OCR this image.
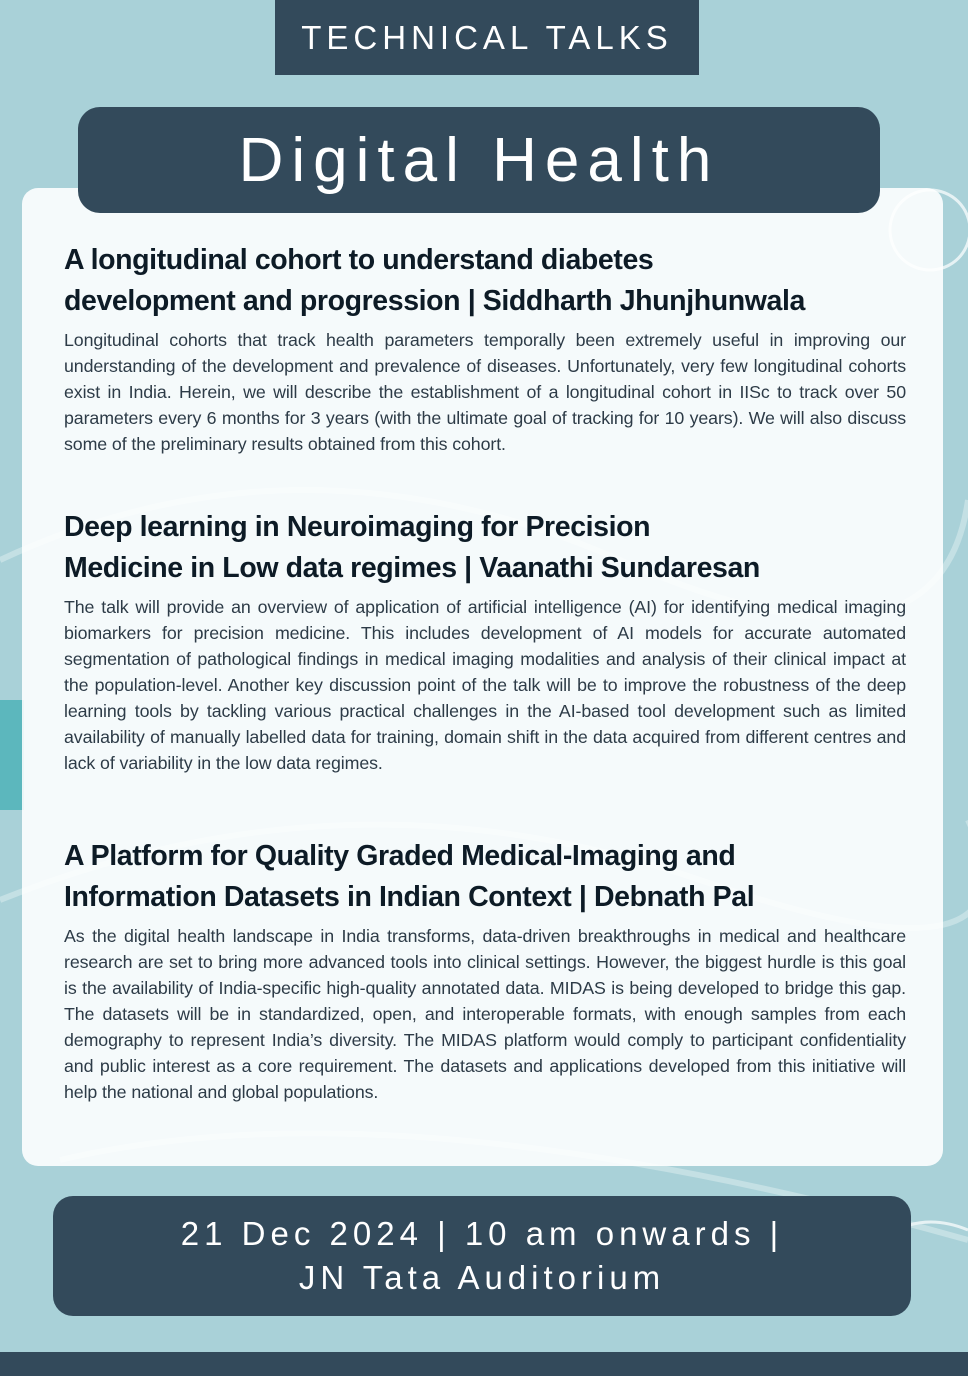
TECHNICAL TALKS
Digital Health
A longitudinal cohort to understand diabetes
development and progression | Siddharth Jhunjhunwala

Longitudinal cohorts that track health parameters temporally been extremely useful in improving our understanding of the development and prevalence of diseases. Unfortunately, very few longitudinal cohorts exist in India. Herein, we will describe the establishment of a longitudinal cohort in IISc to track over 50 parameters every 6 months for 3 years (with the ultimate goal of tracking for 10 years). We will also discuss some of the preliminary results obtained from this cohort.

Deep learning in Neuroimaging for Precision
Medicine in Low data regimes | Vaanathi Sundaresan

The talk will provide an overview of application of artificial intelligence (AI) for identifying medical imaging biomarkers for precision medicine. This includes development of AI models for accurate automated segmentation of pathological findings in medical imaging modalities and analysis of their clinical impact at the population-level. Another key discussion point of the talk will be to improve the robustness of the deep learning tools by tackling various practical challenges in the AI-based tool development such as limited availability of manually labelled data for training, domain shift in the data acquired from different centres and lack of variability in the low data regimes.

A Platform for Quality Graded Medical-Imaging and
Information Datasets in Indian Context | Debnath Pal

As the digital health landscape in India transforms, data-driven breakthroughs in medical and healthcare research are set to bring more advanced tools into clinical settings. However, the biggest hurdle is this goal is the availability of India-specific high-quality annotated data. MIDAS is being developed to bridge this gap. The datasets will be in standardized, open, and interoperable formats, with enough samples from each demography to represent India’s diversity. The MIDAS platform would comply to participant confidentiality and public interest as a core requirement. The datasets and applications developed from this initiative will help the national and global populations.

21 Dec 2024 | 10 am onwards |
JN Tata Auditorium
